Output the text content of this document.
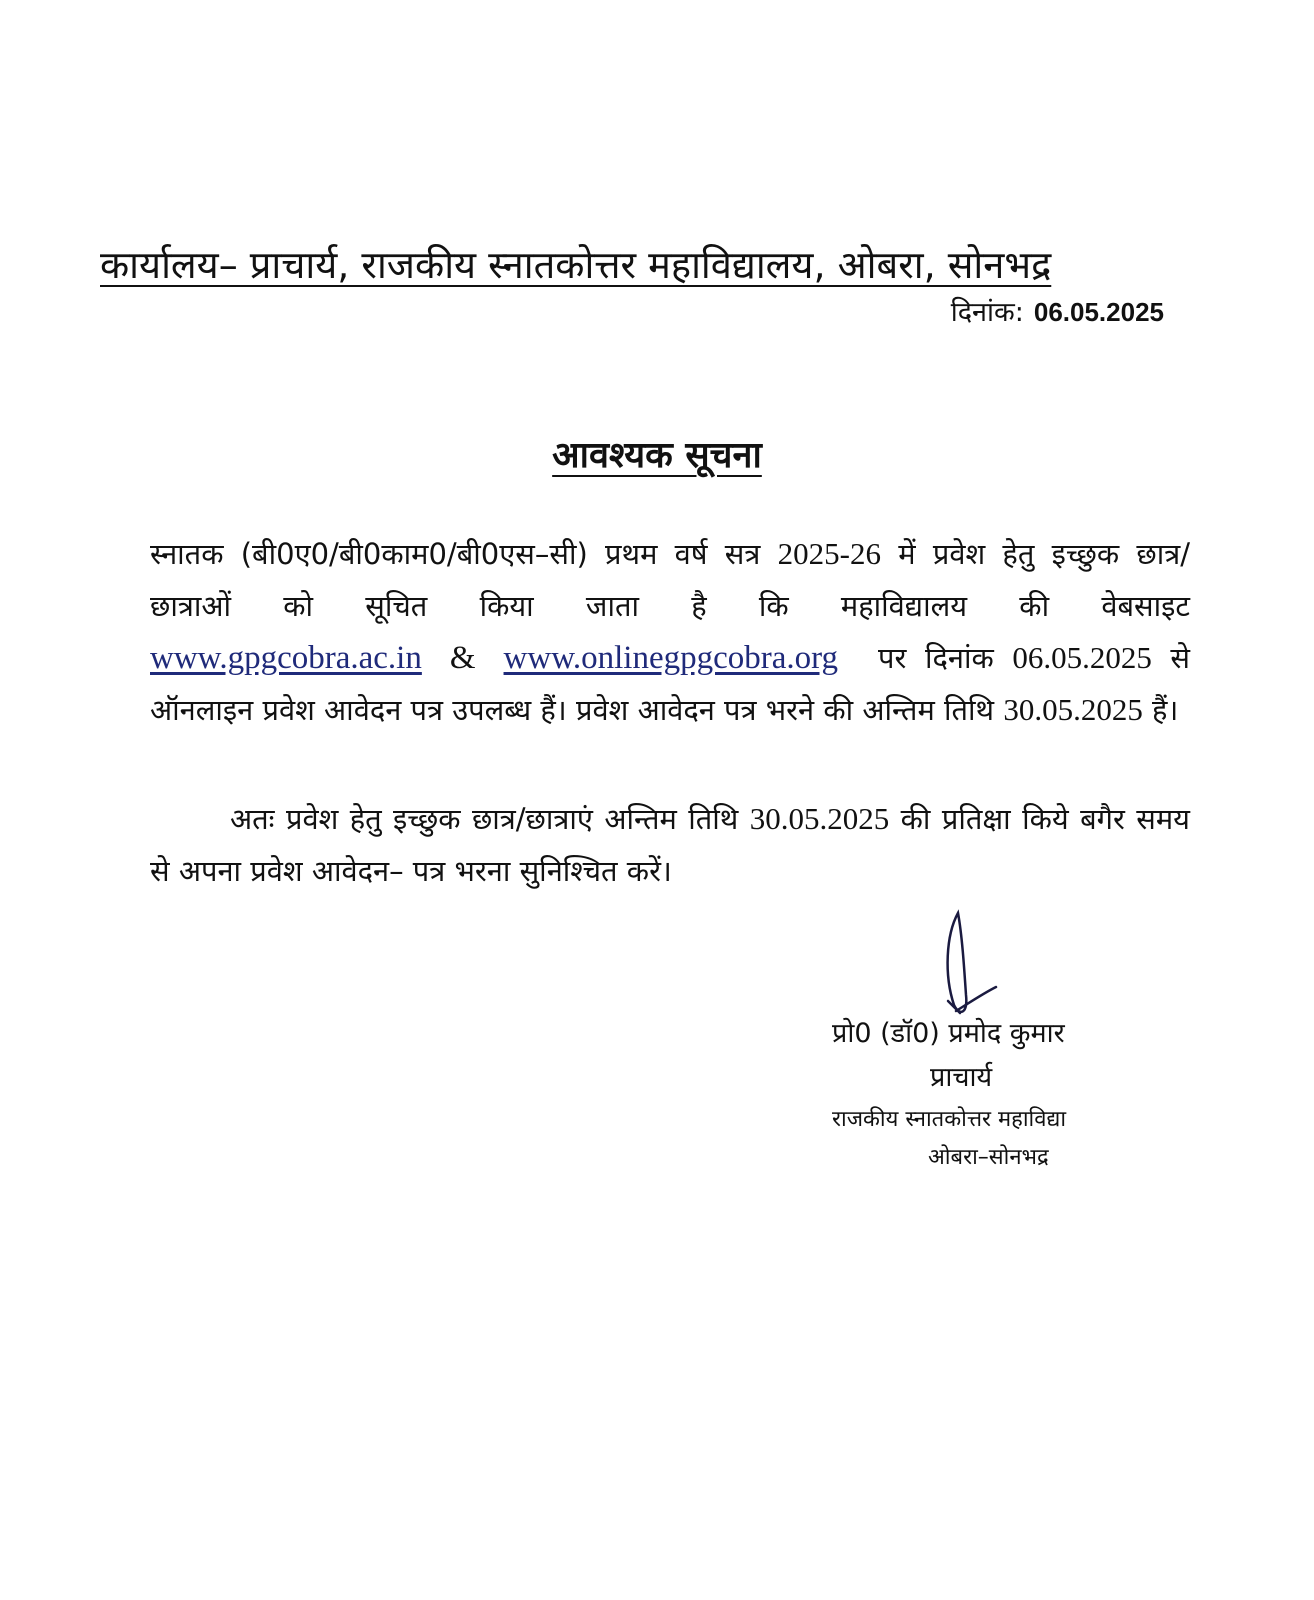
कार्यालय– प्राचार्य, राजकीय स्नातकोत्तर महाविद्यालय, ओबरा, सोनभद्र
दिनांक: 06.05.2025
आवश्यक सूचना
स्नातक (बी0ए0/बी0काम0/बी0एस–सी) प्रथम वर्ष सत्र 2025-26 में प्रवेश हेतु इच्छुक छात्र/छात्राओं को सूचित किया जाता है कि महाविद्यालय की वेबसाइट www.gpgcobra.ac.in & www.onlinegpgcobra.org पर दिनांक 06.05.2025 से ऑनलाइन प्रवेश आवेदन पत्र उपलब्ध हैं। प्रवेश आवेदन पत्र भरने की अन्तिम तिथि 30.05.2025 हैं।
अतः प्रवेश हेतु इच्छुक छात्र/छात्राएं अन्तिम तिथि 30.05.2025 की प्रतिक्षा किये बगैर समय से अपना प्रवेश आवेदन– पत्र भरना सुनिश्चित करें।
प्रो0 (डॉ0) प्रमोद कुमार
प्राचार्य
राजकीय स्नातकोत्तर महाविद्या
ओबरा–सोनभद्र
